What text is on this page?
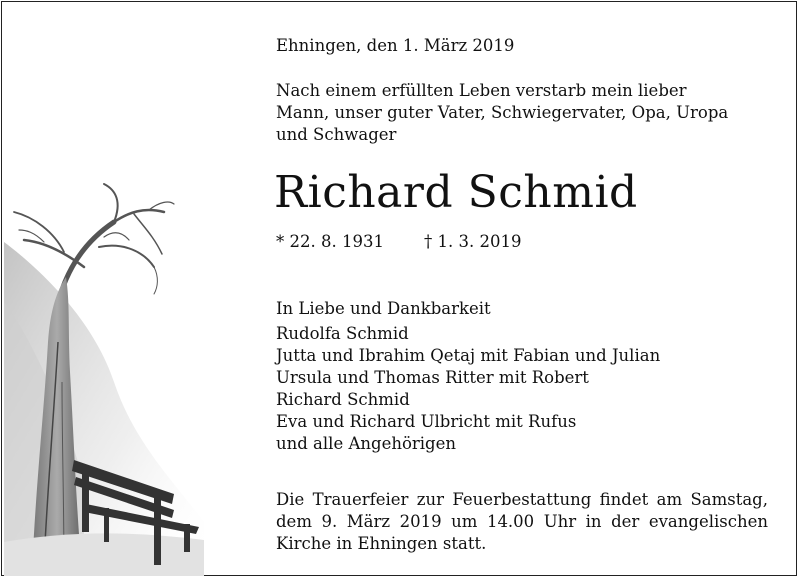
Ehningen, den 1. März 2019
Nach einem erfüllten Leben verstarb mein lieber
Mann, unser guter Vater, Schwiegervater, Opa, Uropa
und Schwager
Richard Schmid
* 22. 8. 1931 † 1. 3. 2019
In Liebe und Dankbarkeit
Rudolfa Schmid
Jutta und Ibrahim Qetaj mit Fabian und Julian
Ursula und Thomas Ritter mit Robert
Richard Schmid
Eva und Richard Ulbricht mit Rufus
und alle Angehörigen
Die Trauerfeier zur Feuerbestattung findet am Samstag,
dem 9. März 2019 um 14.00 Uhr in der evangelischen
Kirche in Ehningen statt.
